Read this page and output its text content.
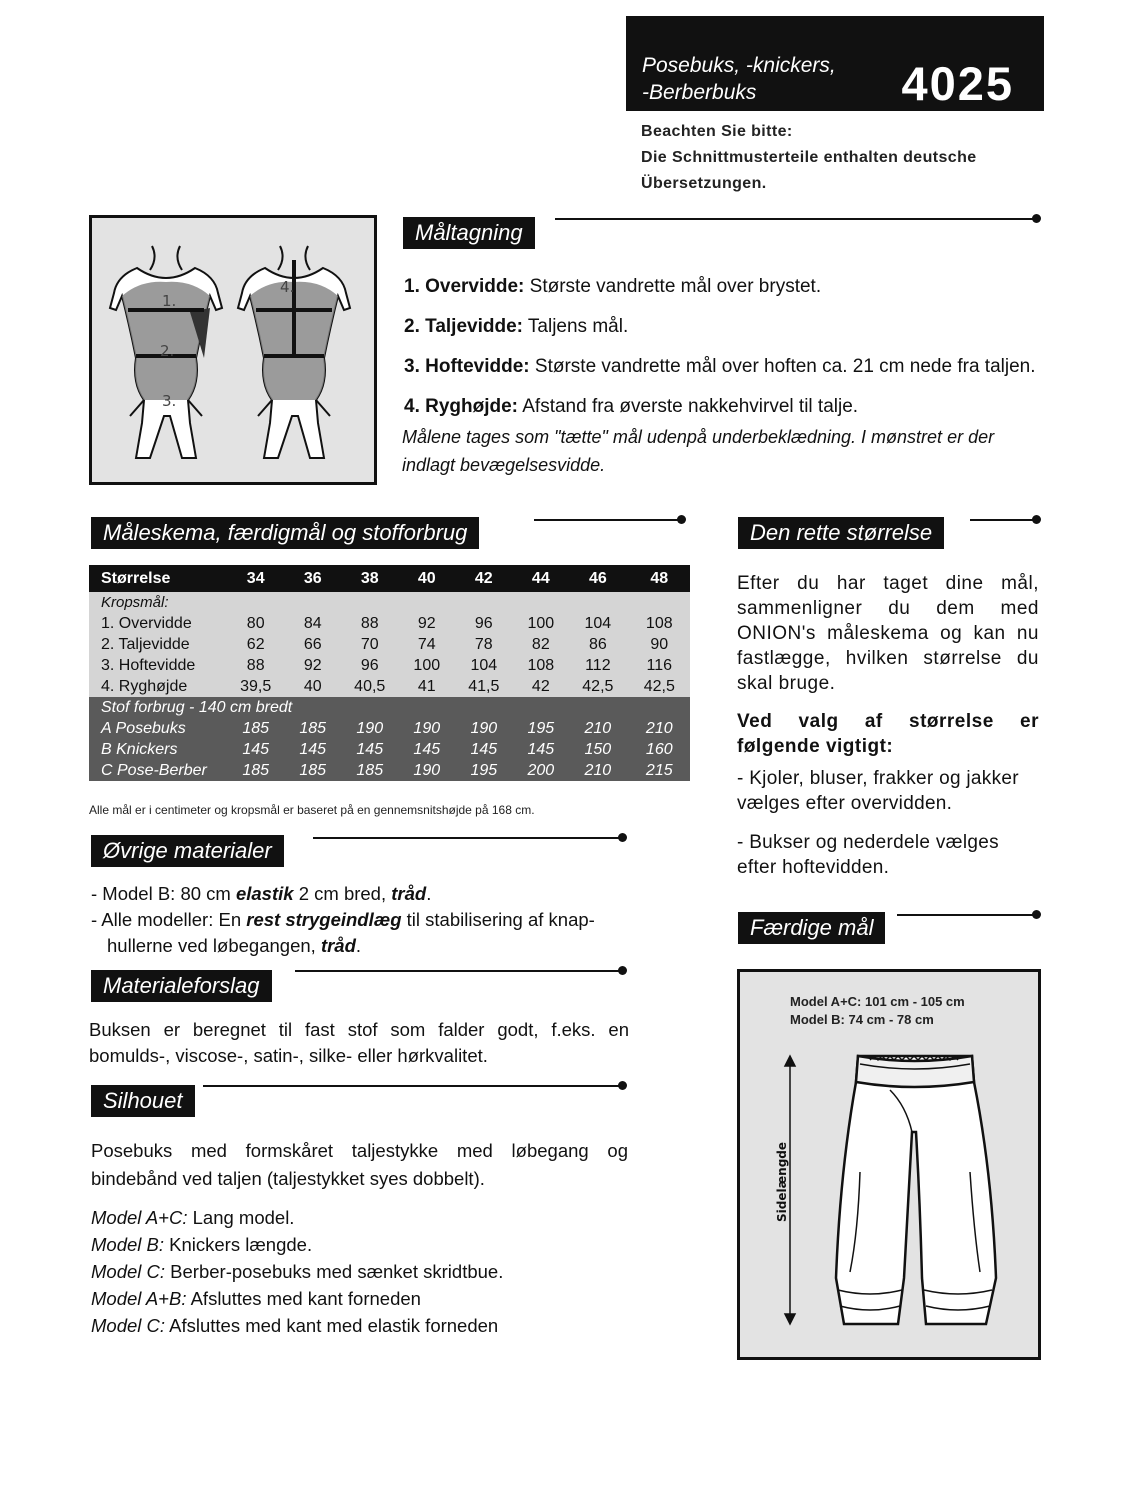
Posebuks, -knickers,
-Berberbuks	4025
Beachten Sie bitte:
Die Schnittmusterteile enthalten deutsche
Übersetzungen.
1.
2.
3.
4.
Måltagning
1. Overvidde: Største vandrette mål over brystet.
2. Taljevidde: Taljens mål.
3. Hoftevidde: Største vandrette mål over hoften ca. 21 cm nede fra taljen.
4. Ryghøjde: Afstand fra øverste nakkehvirvel til talje.
Målene tages som "tætte" mål udenpå underbeklædning. I mønstret er der indlagt bevægelsesvidde.
Måleskema, færdigmål og stofforbrug
Størrelse	34	36	38	40	42	44	46	48
Kropsmål:								
1. Overvidde	80	84	88	92	96	100	104	108
2. Taljevidde	62	66	70	74	78	82	86	90
3. Hoftevidde	88	92	96	100	104	108	112	116
4. Ryghøjde	39,5	40	40,5	41	41,5	42	42,5	42,5
Stof forbrug - 140 cm bredt								
A Posebuks	185	185	190	190	190	195	210	210
B Knickers	145	145	145	145	145	145	150	160
C Pose-Berber	185	185	185	190	195	200	210	215
Alle mål er i centimeter og kropsmål er baseret på en gennemsnitshøjde på 168 cm.
Øvrige materialer
- Model B: 80 cm elastik 2 cm bred, tråd.
- Alle modeller: En rest strygeindlæg til stabilisering af knap-
hullerne ved løbegangen, tråd.
Materialeforslag
Buksen er beregnet til fast stof som falder godt, f.eks. en bomulds-, viscose-, satin-, silke- eller hørkvalitet.
Silhouet
Posebuks med formskåret taljestykke med løbegang og bindebånd ved taljen (taljestykket syes dobbelt).
Model A+C: Lang model.
Model B: Knickers længde.
Model C: Berber-posebuks med sænket skridtbue.
Model A+B: Afsluttes med kant forneden
Model C: Afsluttes med kant med elastik forneden
Den rette størrelse
Efter du har taget dine mål, sammenligner du dem med ONION's måleskema og kan nu fastlægge, hvilken størrelse du skal bruge.
Ved valg af størrelse er følgende vigtigt:
- Kjoler, bluser, frakker og jakker vælges efter overvidden.
- Bukser og nederdele vælges efter hoftevidden.
Færdige mål
Model A+C: 101 cm - 105 cm
Model B: 74 cm - 78 cm
Sidelængde
